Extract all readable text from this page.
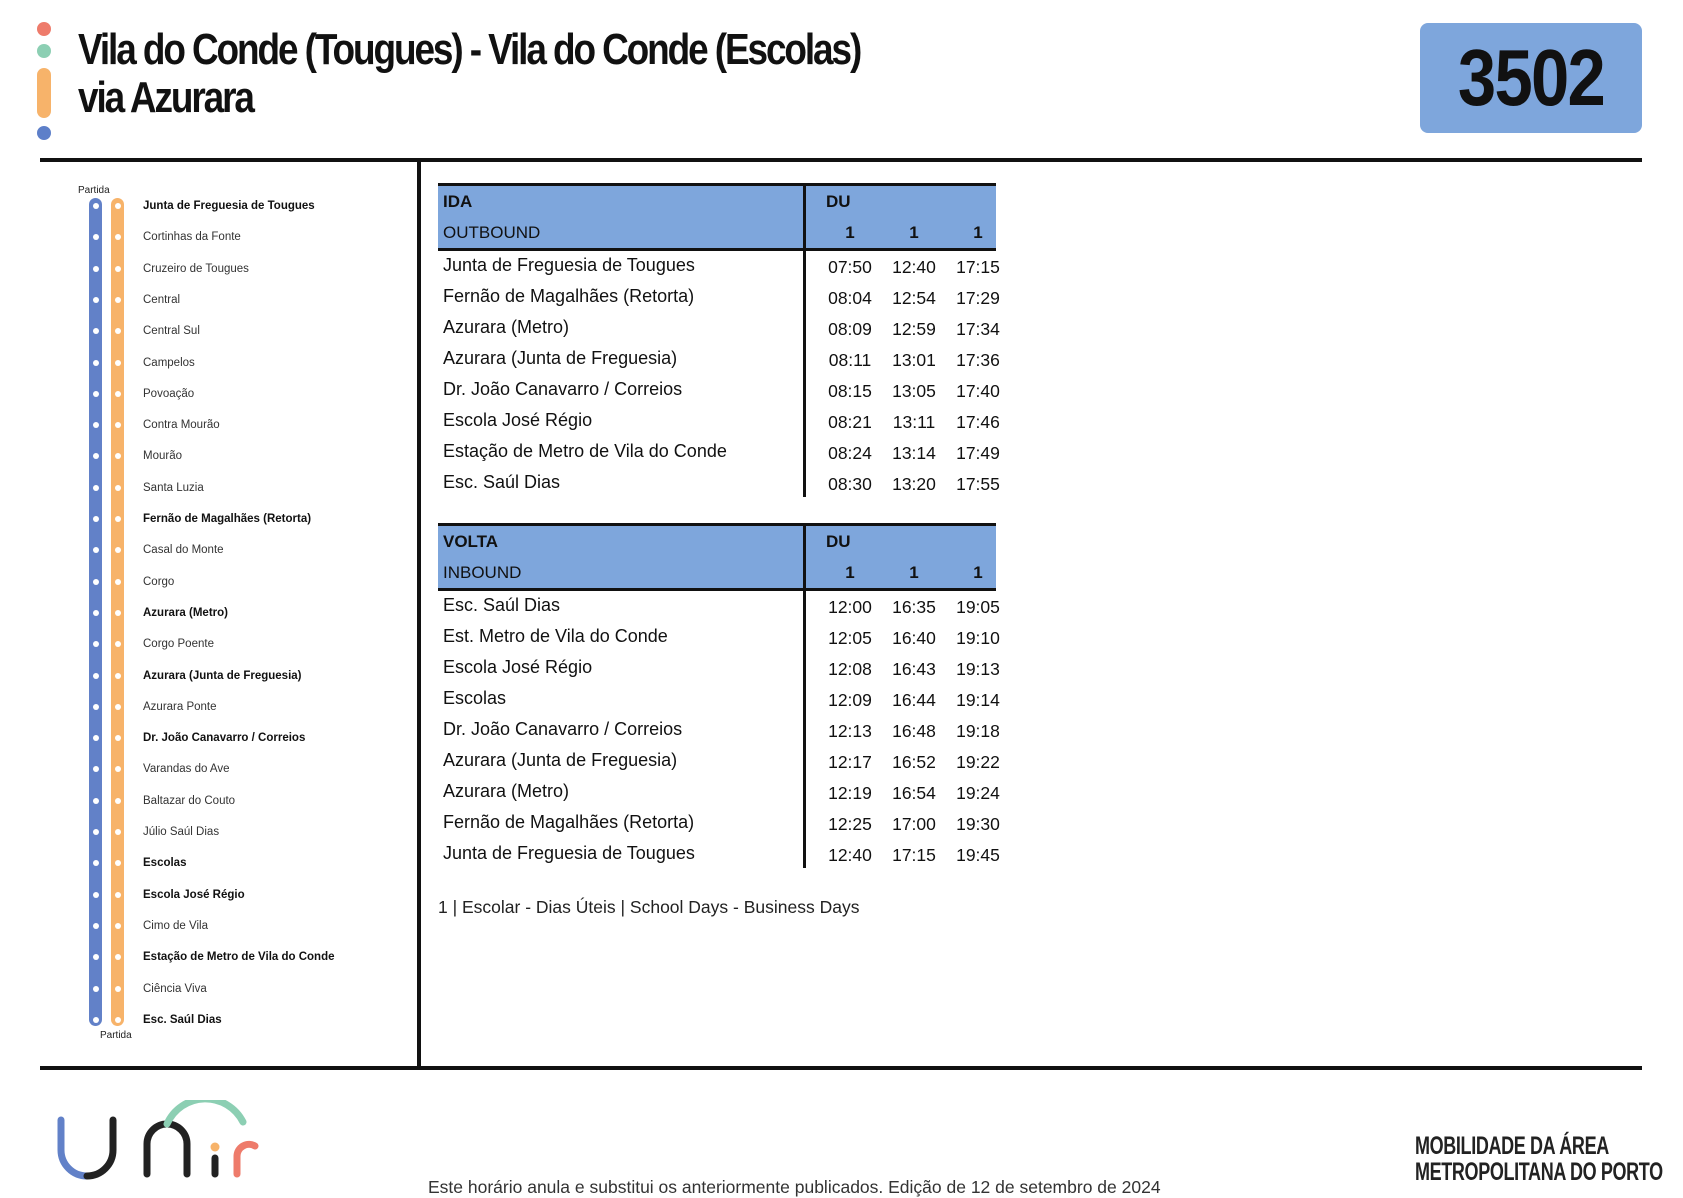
Vila do Conde (Tougues) - Vila do Conde (Escolas)
via Azurara	3502
Partida
Partida
Junta de Freguesia de Tougues
Cortinhas da Fonte
Cruzeiro de Tougues
Central
Central Sul
Campelos
Povoação
Contra Mourão
Mourão
Santa Luzia
Fernão de Magalhães (Retorta)
Casal do Monte
Corgo
Azurara (Metro)
Corgo Poente
Azurara (Junta de Freguesia)
Azurara Ponte
Dr. João Canavarro / Correios
Varandas do Ave
Baltazar do Couto
Júlio Saúl Dias
Escolas
Escola José Régio
Cimo de Vila
Estação de Metro de Vila do Conde
Ciência Viva
Esc. Saúl Dias
IDA
OUTBOUND
DU
1	1	1
Junta de Freguesia de Tougues	07:50	12:40	17:15
Fernão de Magalhães (Retorta)	08:04	12:54	17:29
Azurara (Metro)	08:09	12:59	17:34
Azurara (Junta de Freguesia)	08:11	13:01	17:36
Dr. João Canavarro / Correios	08:15	13:05	17:40
Escola José Régio	08:21	13:11	17:46
Estação de Metro de Vila do Conde	08:24	13:14	17:49
Esc. Saúl Dias	08:30	13:20	17:55
VOLTA
INBOUND
DU
1	1	1
Esc. Saúl Dias	12:00	16:35	19:05
Est. Metro de Vila do Conde	12:05	16:40	19:10
Escola José Régio	12:08	16:43	19:13
Escolas	12:09	16:44	19:14
Dr. João Canavarro / Correios	12:13	16:48	19:18
Azurara (Junta de Freguesia)	12:17	16:52	19:22
Azurara (Metro)	12:19	16:54	19:24
Fernão de Magalhães (Retorta)	12:25	17:00	19:30
Junta de Freguesia de Tougues	12:40	17:15	19:45
1 | Escolar - Dias Úteis | School Days - Business Days
Este horário anula e substitui os anteriormente publicados. Edição de 12 de setembro de 2024
MOBILIDADE DA ÁREA
METROPOLITANA DO PORTO
